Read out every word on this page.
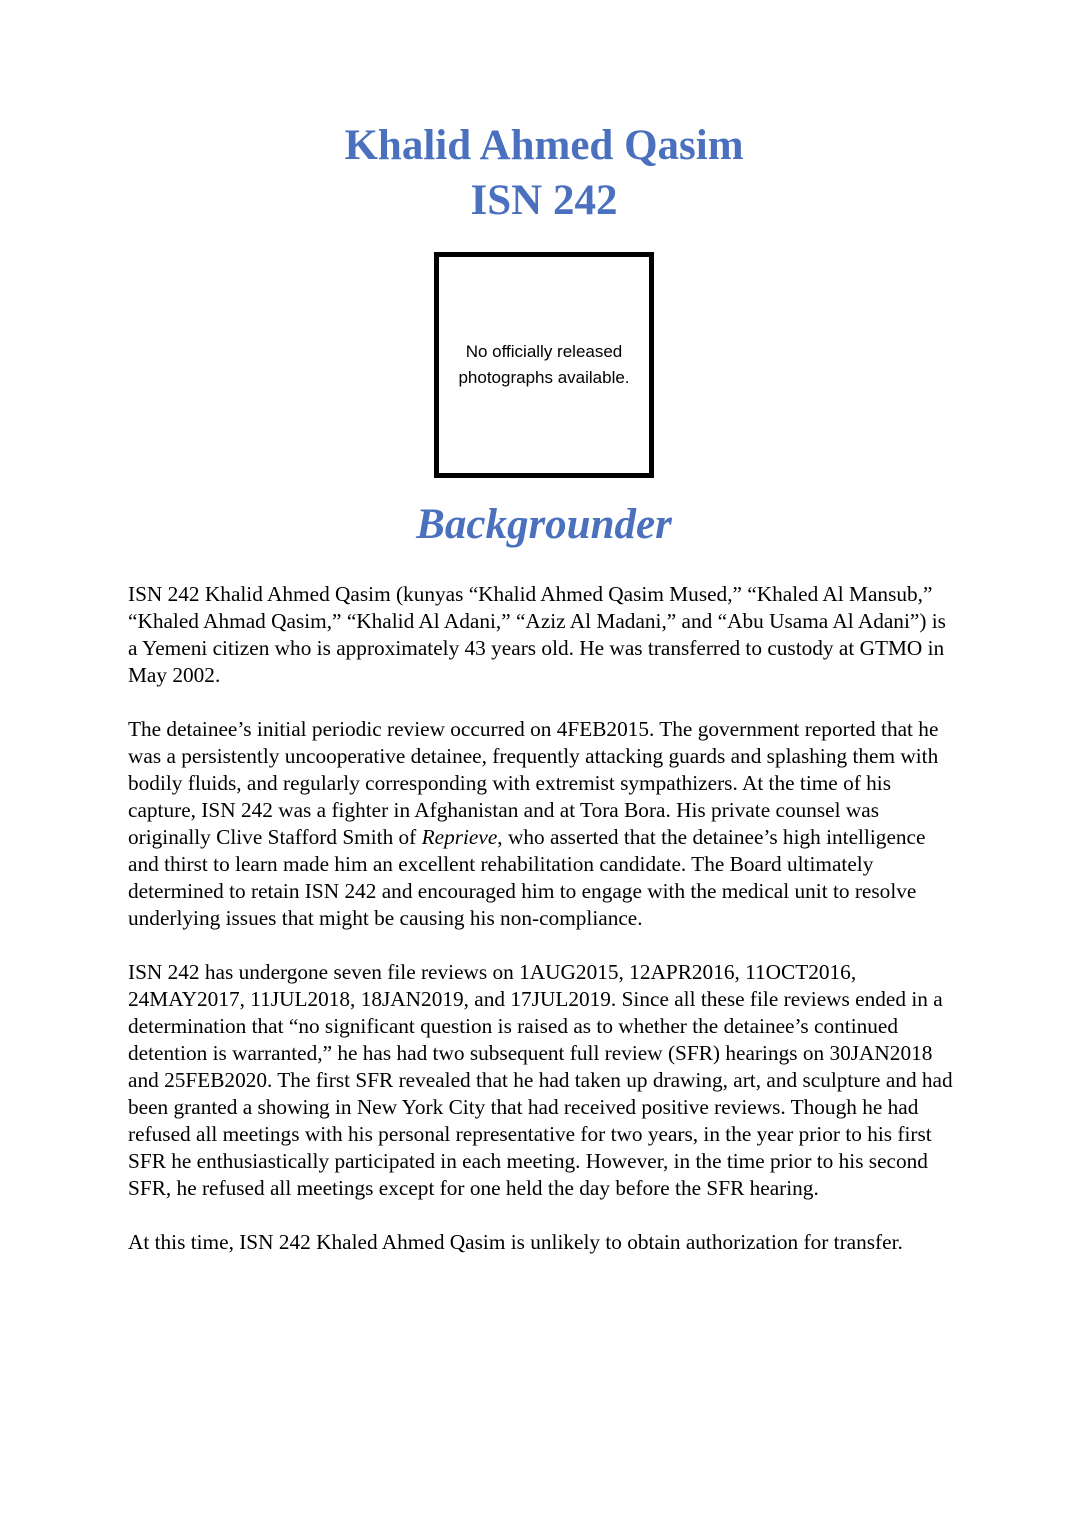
Khalid Ahmed Qasim
ISN 242
No officially released
photographs available.
Backgrounder

ISN 242 Khalid Ahmed Qasim (kunyas “Khalid Ahmed Qasim Mused,” “Khaled Al Mansub,” “Khaled Ahmad Qasim,” “Khalid Al Adani,” “Aziz Al Madani,” and “Abu Usama Al Adani”) is a Yemeni citizen who is approximately 43 years old. He was transferred to custody at GTMO in May 2002.

The detainee’s initial periodic review occurred on 4FEB2015. The government reported that he was a persistently uncooperative detainee, frequently attacking guards and splashing them with bodily fluids, and regularly corresponding with extremist sympathizers. At the time of his capture, ISN 242 was a fighter in Afghanistan and at Tora Bora. His private counsel was originally Clive Stafford Smith of Reprieve, who asserted that the detainee’s high intelligence and thirst to learn made him an excellent rehabilitation candidate. The Board ultimately determined to retain ISN 242 and encouraged him to engage with the medical unit to resolve underlying issues that might be causing his non-compliance.

ISN 242 has undergone seven file reviews on 1AUG2015, 12APR2016, 11OCT2016, 24MAY2017, 11JUL2018, 18JAN2019, and 17JUL2019. Since all these file reviews ended in a determination that “no significant question is raised as to whether the detainee’s continued detention is warranted,” he has had two subsequent full review (SFR) hearings on 30JAN2018 and 25FEB2020. The first SFR revealed that he had taken up drawing, art, and sculpture and had been granted a showing in New York City that had received positive reviews. Though he had refused all meetings with his personal representative for two years, in the year prior to his first SFR he enthusiastically participated in each meeting. However, in the time prior to his second SFR, he refused all meetings except for one held the day before the SFR hearing.

At this time, ISN 242 Khaled Ahmed Qasim is unlikely to obtain authorization for transfer.
